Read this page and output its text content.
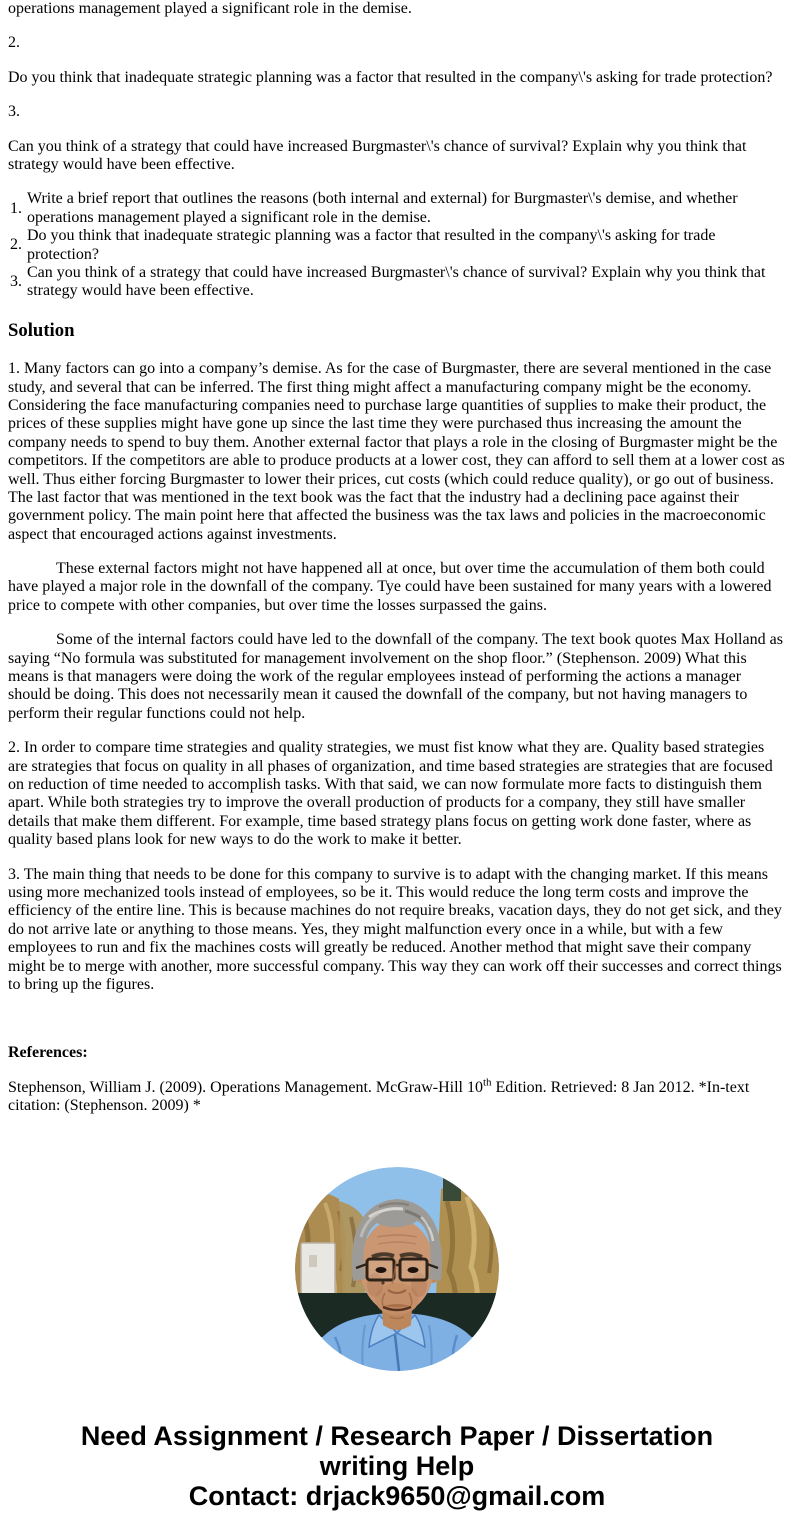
operations management played a significant role in the demise.

2.

Do you think that inadequate strategic planning was a factor that resulted in the company\'s asking for trade protection?

3.

Can you think of a strategy that could have increased Burgmaster\'s chance of survival? Explain why you think that strategy would have been effective.

1.
Write a brief report that outlines the reasons (both internal and external) for Burgmaster\'s demise, and whether operations management played a significant role in the demise.
2.
Do you think that inadequate strategic planning was a factor that resulted in the company\'s asking for trade protection?
3.
Can you think of a strategy that could have increased Burgmaster\'s chance of survival? Explain why you think that strategy would have been effective.
Solution

1. Many factors can go into a company’s demise. As for the case of Burgmaster, there are several mentioned in the case study, and several that can be inferred. The first thing might affect a manufacturing company might be the economy. Considering the face manufacturing companies need to purchase large quantities of supplies to make their product, the prices of these supplies might have gone up since the last time they were purchased thus increasing the amount the company needs to spend to buy them. Another external factor that plays a role in the closing of Burgmaster might be the competitors. If the competitors are able to produce products at a lower cost, they can afford to sell them at a lower cost as well. Thus either forcing Burgmaster to lower their prices, cut costs (which could reduce quality), or go out of business. The last factor that was mentioned in the text book was the fact that the industry had a declining pace against their government policy. The main point here that affected the business was the tax laws and policies in the macroeconomic aspect that encouraged actions against investments.

These external factors might not have happened all at once, but over time the accumulation of them both could have played a major role in the downfall of the company. Tye could have been sustained for many years with a lowered price to compete with other companies, but over time the losses surpassed the gains.

Some of the internal factors could have led to the downfall of the company. The text book quotes Max Holland as saying “No formula was substituted for management involvement on the shop floor.” (Stephenson. 2009) What this means is that managers were doing the work of the regular employees instead of performing the actions a manager should be doing. This does not necessarily mean it caused the downfall of the company, but not having managers to perform their regular functions could not help.

2. In order to compare time strategies and quality strategies, we must fist know what they are. Quality based strategies are strategies that focus on quality in all phases of organization, and time based strategies are strategies that are focused on reduction of time needed to accomplish tasks. With that said, we can now formulate more facts to distinguish them apart. While both strategies try to improve the overall production of products for a company, they still have smaller details that make them different. For example, time based strategy plans focus on getting work done faster, where as quality based plans look for new ways to do the work to make it better.

3. The main thing that needs to be done for this company to survive is to adapt with the changing market. If this means using more mechanized tools instead of employees, so be it. This would reduce the long term costs and improve the efficiency of the entire line. This is because machines do not require breaks, vacation days, they do not get sick, and they do not arrive late or anything to those means. Yes, they might malfunction every once in a while, but with a few employees to run and fix the machines costs will greatly be reduced. Another method that might save their company might be to merge with another, more successful company. This way they can work off their successes and correct things to bring up the figures.

References:

Stephenson, William J. (2009). Operations Management. McGraw-Hill 10th Edition. Retrieved: 8 Jan 2012. *In-text citation: (Stephenson. 2009) *

Need Assignment / Research Paper / Dissertation
writing Help
Contact: drjack9650@gmail.com
